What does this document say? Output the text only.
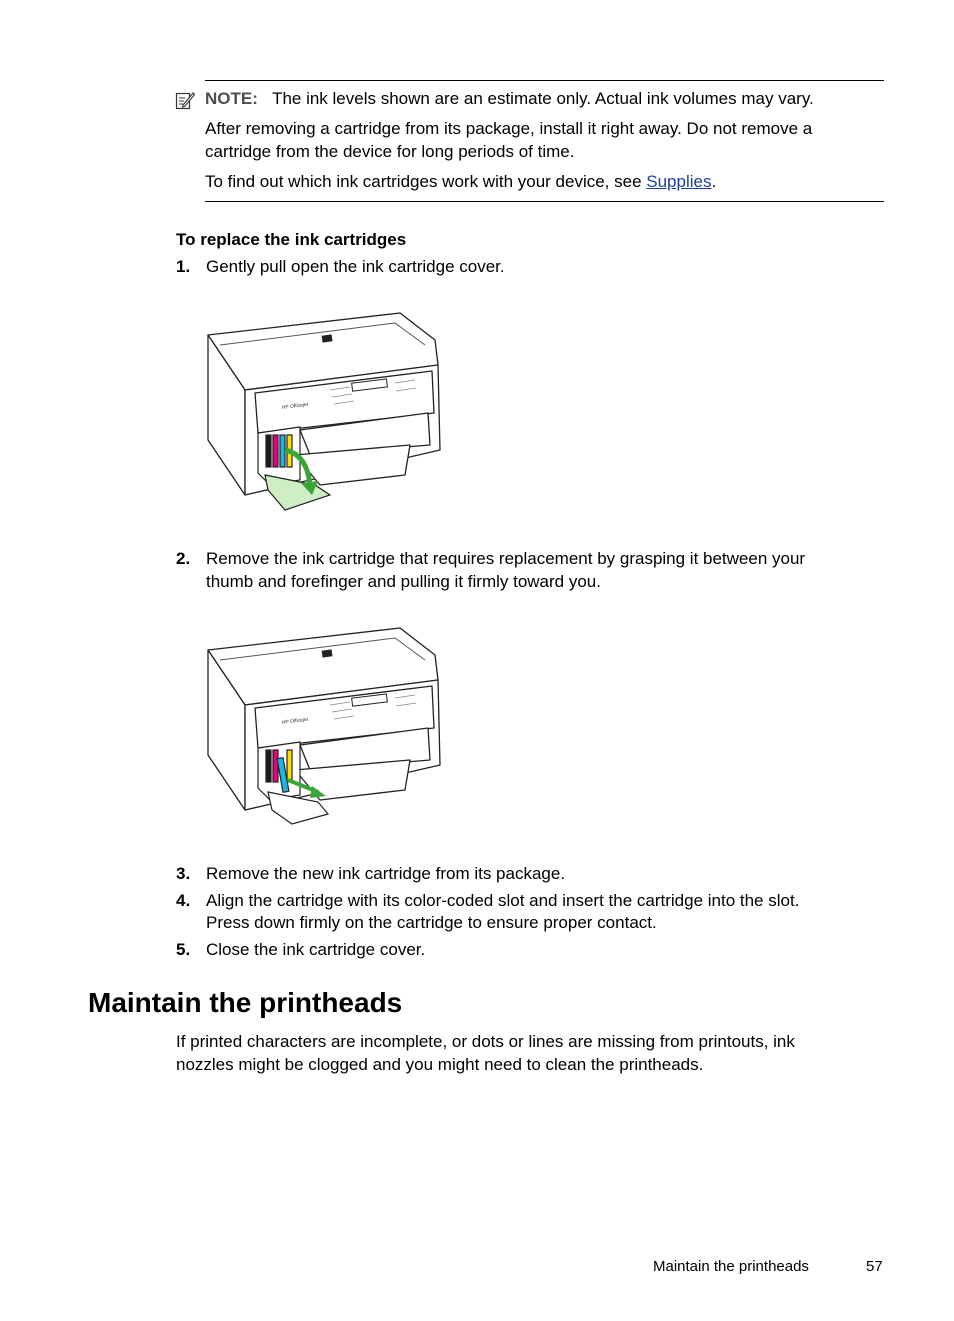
NOTE: The ink levels shown are an estimate only. Actual ink volumes may vary.
After removing a cartridge from its package, install it right away. Do not remove a
cartridge from the device for long periods of time.
To find out which ink cartridges work with your device, see Supplies.
To replace the ink cartridges
1. Gently pull open the ink cartridge cover.
HP Officejet
2. Remove the ink cartridge that requires replacement by grasping it between your
thumb and forefinger and pulling it firmly toward you.
HP Officejet
3. Remove the new ink cartridge from its package.
4. Align the cartridge with its color-coded slot and insert the cartridge into the slot.
Press down firmly on the cartridge to ensure proper contact.
5. Close the ink cartridge cover.
Maintain the printheads
If printed characters are incomplete, or dots or lines are missing from printouts, ink
nozzles might be clogged and you might need to clean the printheads.
Maintain the printheads	57
